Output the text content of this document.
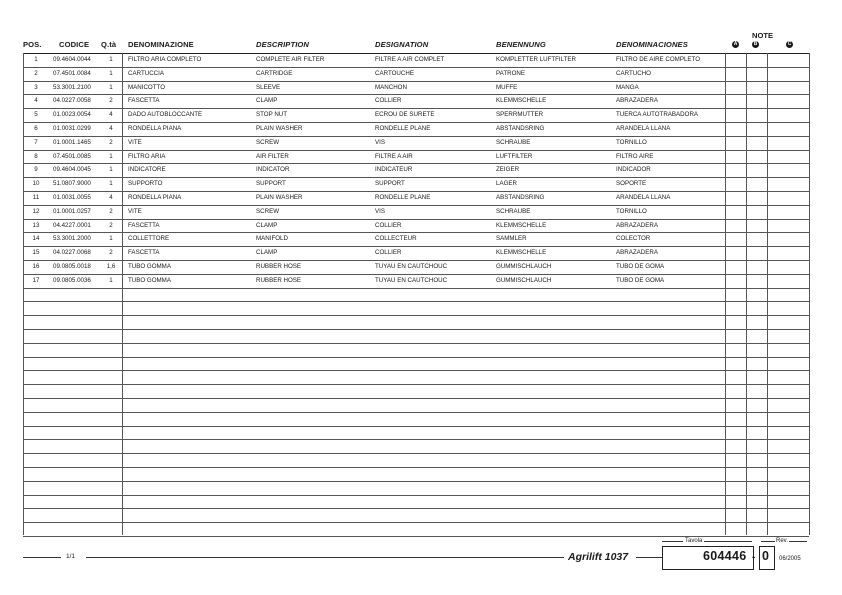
POS. CODICE Q.tà DENOMINAZIONE	DESCRIPTION	DESIGNATION	BENENNUNG	DENOMINACIONES
NOTE
A	B	C
1	09.4604.0044	1	FILTRO ARIA COMPLETO	COMPLETE AIR FILTER	FILTRE A AIR COMPLET	KOMPLETTER LUFTFILTER	FILTRO DE AIRE COMPLETO
2	07.4501.0084	1	CARTUCCIA	CARTRIDGE	CARTOUCHE	PATRONE	CARTUCHO
3	53.3001.2100	1	MANICOTTO	SLEEVE	MANCHON	MUFFE	MANGA
4	04.0227.0058	2	FASCETTA	CLAMP	COLLIER	KLEMMSCHELLE	ABRAZADERA
5	01.0023.0054	4	DADO AUTOBLOCCANTE	STOP NUT	ECROU DE SURETE	SPERRMUTTER	TUERCA AUTOTRABADORA
6	01.0031.0299	4	RONDELLA PIANA	PLAIN WASHER	RONDELLE PLANE	ABSTANDSRING	ARANDELA LLANA
7	01.0001.1465	2	VITE	SCREW	VIS	SCHRAUBE	TORNILLO
8	07.4501.0085	1	FILTRO ARIA	AIR FILTER	FILTRE A AIR	LUFTFILTER	FILTRO AIRE
9	09.4604.0045	1	INDICATORE	INDICATOR	INDICATEUR	ZEIGER	INDICADOR
10	51.0807.9000	1	SUPPORTO	SUPPORT	SUPPORT	LAGER	SOPORTE
11	01.0031.0055	4	RONDELLA PIANA	PLAIN WASHER	RONDELLE PLANE	ABSTANDSRING	ARANDELA LLANA
12	01.0001.0257	2	VITE	SCREW	VIS	SCHRAUBE	TORNILLO
13	04.4227.0001	2	FASCETTA	CLAMP	COLLIER	KLEMMSCHELLE	ABRAZADERA
14	53.3001.2000	1	COLLETTORE	MANIFOLD	COLLECTEUR	SAMMLER	COLECTOR
15	04.0227.0068	2	FASCETTA	CLAMP	COLLIER	KLEMMSCHELLE	ABRAZADERA
16	09.0805.0018	1,6	TUBO GOMMA	RUBBER HOSE	TUYAU EN CAUTCHOUC	GUMMISCHLAUCH	TUBO DE GOMA
17	09.0805.0036	1	TUBO GOMMA	RUBBER HOSE	TUYAU EN CAUTCHOUC	GUMMISCHLAUCH	TUBO DE GOMA
1/1	Agrilift 1037
Tavola
604446 -
Rev.
0 06/2005
